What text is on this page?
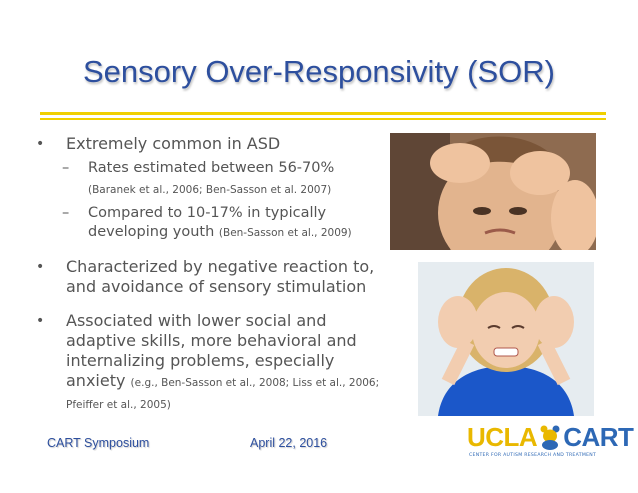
Sensory Over-Responsivity (SOR)
• Extremely common in ASD
– Rates estimated between 56-70%
(Baranek et al., 2006; Ben-Sasson et al. 2007)
– Compared to 10-17% in typically
developing youth (Ben-Sasson et al., 2009)
• Characterized by negative reaction to,
and avoidance of sensory stimulation
• Associated with lower social and
adaptive skills, more behavioral and
internalizing problems, especially
anxiety (e.g., Ben-Sasson et al., 2008; Liss et al., 2006;
Pfeiffer et al., 2005)
CART Symposium	April 22, 2016	UCLA CART
CENTER FOR AUTISM RESEARCH AND TREATMENT
